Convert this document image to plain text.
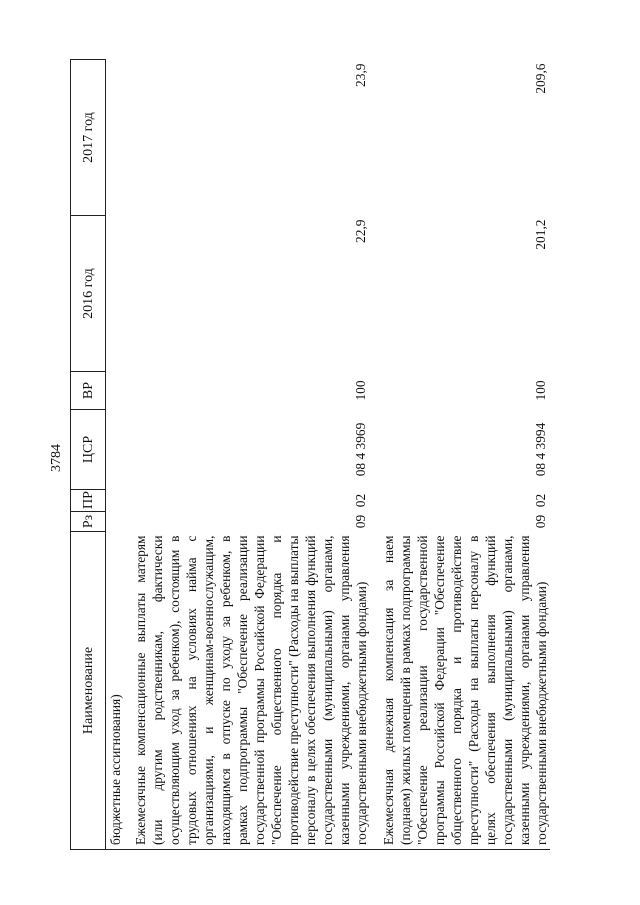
3784
Наименование	Рз	ПР	ЦСР	ВР	2016 год	2017 год
бюджетные ассигнования)						
Ежемесячные компенсационные выплаты матерям (или другим родственникам, фактически осуществляющим уход за ребенком), состоящим в трудовых отношениях на условиях найма с организациями, и женщинам-военнослужащим, находящимся в отпуске по уходу за ребенком, в рамках подпрограммы "Обеспечение реализации государственной программы Российской Федерации "Обеспечение общественного порядка и противодействие преступности" (Расходы на выплаты персоналу в целях обеспечения выполнения функций государственными (муниципальными) органами, казенными учреждениями, органами управления государственными внебюджетными фондами)	09	02	08 4 3969	100	22,9	23,9
Ежемесячная денежная компенсация за наем (поднаем) жилых помещений в рамках подпрограммы "Обеспечение реализации государственной программы Российской Федерации "Обеспечение общественного порядка и противодействие преступности" (Расходы на выплаты персоналу в целях обеспечения выполнения функций государственными (муниципальными) органами, казенными учреждениями, органами управления государственными внебюджетными фондами)	09	02	08 4 3994	100	201,2	209,6
